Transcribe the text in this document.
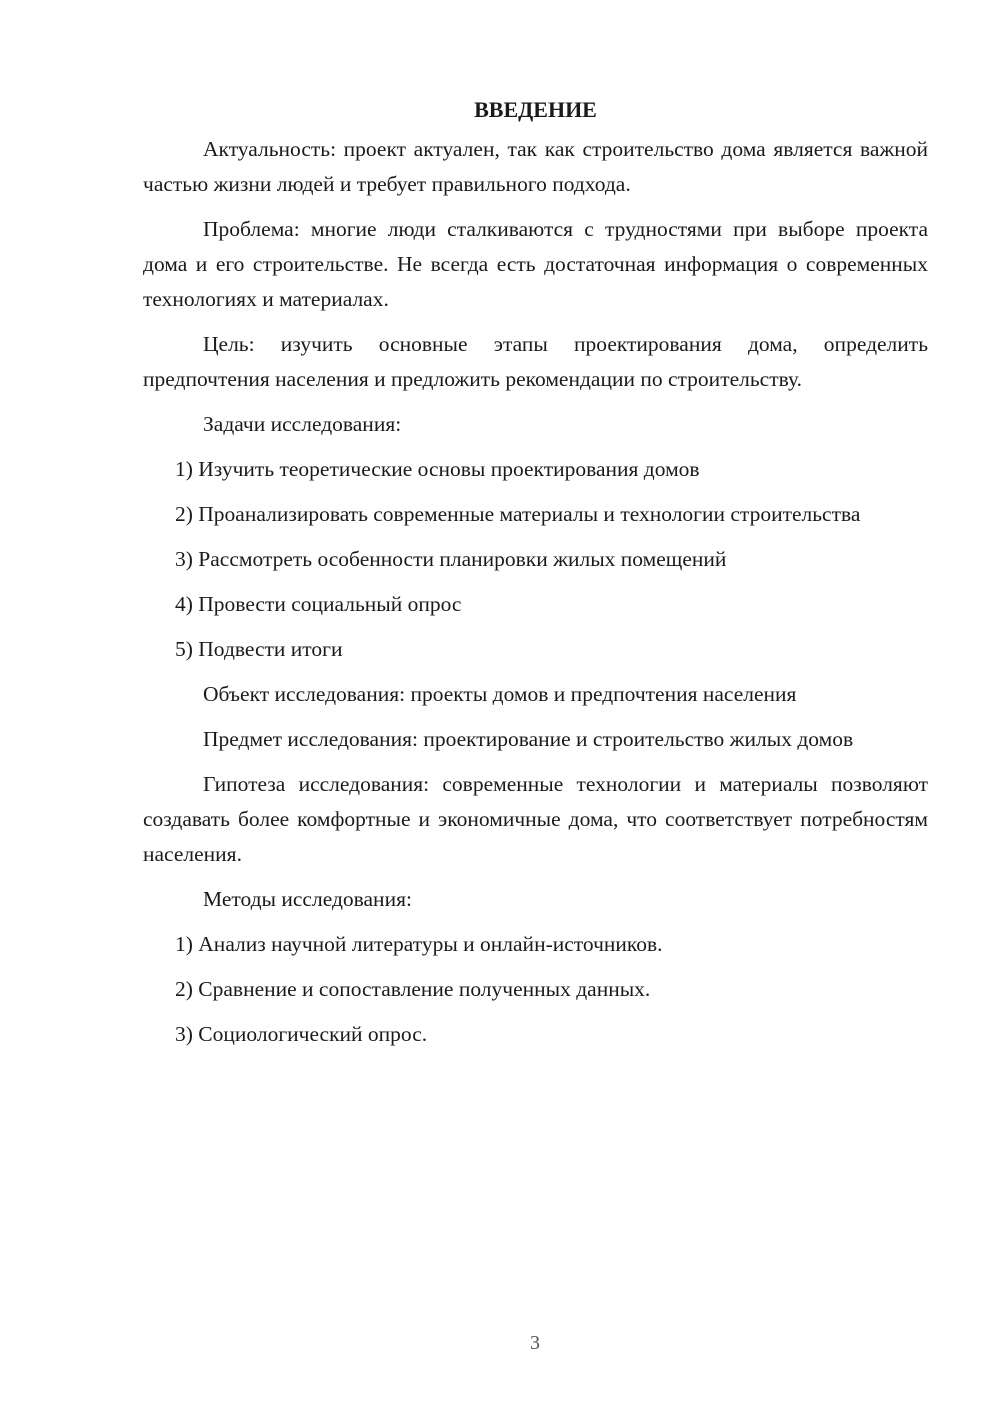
ВВЕДЕНИЕ

Актуальность: проект актуален, так как строительство дома является важной частью жизни людей и требует правильного подхода.

Проблема: многие люди сталкиваются с трудностями при выборе проекта дома и его строительстве. Не всегда есть достаточная информация о современных технологиях и материалах.

Цель: изучить основные этапы проектирования дома, определить предпочтения населения и предложить рекомендации по строительству.

Задачи исследования:

1) Изучить теоретические основы проектирования домов

2) Проанализировать современные материалы и технологии строительства

3) Рассмотреть особенности планировки жилых помещений

4) Провести социальный опрос

5) Подвести итоги

Объект исследования: проекты домов и предпочтения населения

Предмет исследования: проектирование и строительство жилых домов

Гипотеза исследования: современные технологии и материалы позволяют создавать более комфортные и экономичные дома, что соответствует потребностям населения.

Методы исследования:

1) Анализ научной литературы и онлайн-источников.

2) Сравнение и сопоставление полученных данных.

3) Социологический опрос.

3
